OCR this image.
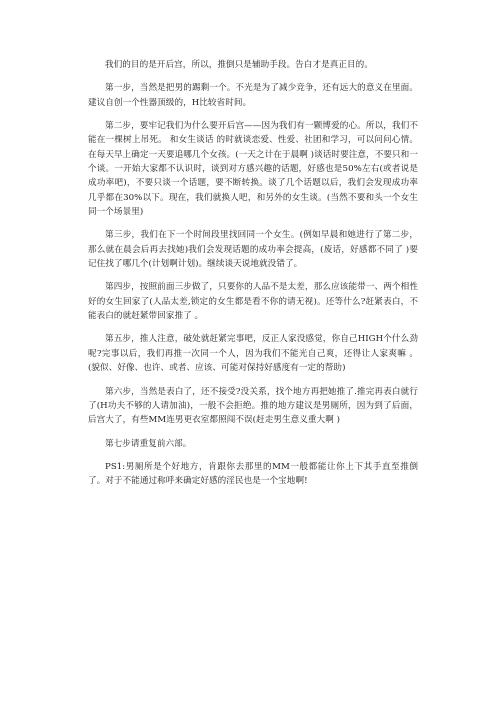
我们的目的是开后宫，所以，推倒只是辅助手段。告白才是真正目的。

第一步，当然是把男的踢剩一个。不光是为了减少竞争，还有远大的意义在里面。建议自创一个性器顶级的，H比较省时间。

第二步，要牢记我们为什么要开后宫——因为我们有一颗博爱的心。所以，我们不能在一棵树上吊死。 和女生谈话 的时就谈恋爱、性爱、社团和学习，可以问问心情。在每天早上确定一天要追哪几个女孩。(一天之计在于晨啊 )谈话时要注意，不要只和一个谈。一开始大家都不认识时，谈到对方感兴趣的话题，好感也是50%左右(或者说是成功率吧)，不要只谈一个话题，要不断转换。谈了几个话题以后，我们会发现成功率几乎都在30%以下。现在，我们就换人吧，和另外的女生谈。(当然不要和头一个女生同一个场景里)

第三步，我们在下一个时间段里找回同一个女生。(例如早晨和她进行了第二步，那么就在晨会后再去找她)我们会发现话题的成功率会提高，(废话，好感都不同了 )要记住找了哪几个(计划啊计划)。继续谈天说地就没错了。

第四步，按照前面三步做了，只要你的人品不是太差，那么应该能带一、两个相性好的女生回家了(人品太差,锁定的女生都是看不你的请无视)。还等什么?赶紧表白，不能表白的就赶紧带回家推了 。

第五步，推人注意，破处就赶紧完事吧，反正人家没感觉，你自己HIGH个什么劲呢?完事以后，我们再推一次同一个人，因为我们不能光自己爽，还得让人家爽嘛 。(貌似、好像、也许、或者、应该、可能对保持好感度有一定的帮助)

第六步，当然是表白了，还不接受?没关系，找个地方再把她推了.推完再表白就行了(H功夫不够的人请加油)，一般不会拒绝。推的地方建议是男厕所，因为到了后面，后宫大了，有些MM连男更衣室都照闯不误(赶走男生意义重大啊 )

第七步请重复前六部。

PS1:男厕所是个好地方，肯跟你去那里的MM一般都能让你上下其手直至推倒了。对于不能通过称呼来确定好感的淫民也是一个宝地啊!
